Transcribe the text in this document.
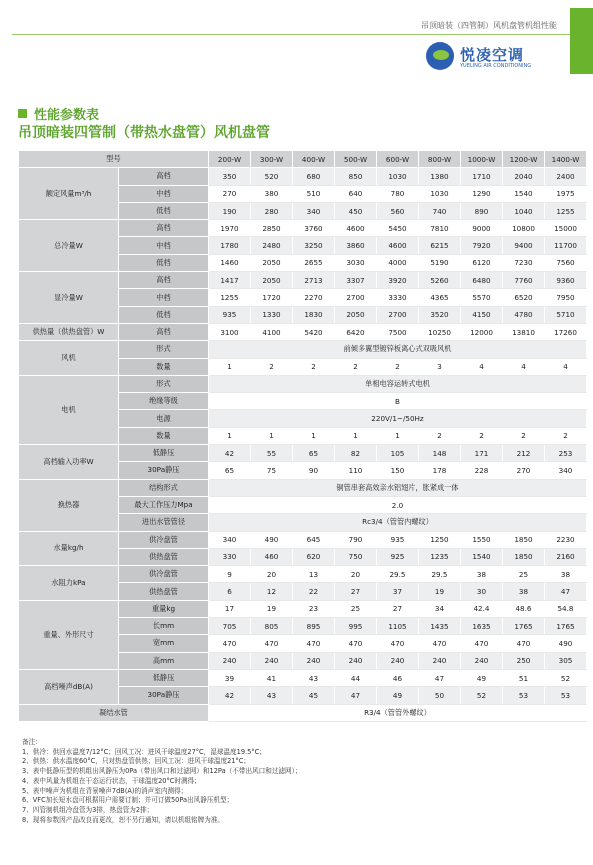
吊顶暗装（四管制）风机盘管机组性能
悦凌空调
YUELING AIR CONDITIONING
性能参数表
吊顶暗装四管制（带热水盘管）风机盘管
型号		200-W	300-W	400-W	500-W	600-W	800-W	1000-W	1200-W	1400-W
额定风量m³/h	高档	350	520	680	850	1030	1380	1710	2040	2400
	中档	270	380	510	640	780	1030	1290	1540	1975
	低档	190	280	340	450	560	740	890	1040	1255
总冷量W	高档	1970	2850	3760	4600	5450	7810	9000	10800	15000
	中档	1780	2480	3250	3860	4600	6215	7920	9400	11700
	低档	1460	2050	2655	3030	4000	5190	6120	7230	7560
显冷量W	高档	1417	2050	2713	3307	3920	5260	6480	7760	9360
	中档	1255	1720	2270	2700	3330	4365	5570	6520	7950
	低档	935	1330	1830	2050	2700	3520	4150	4780	5710
供热量（供热盘管）W	高档	3100	4100	5420	6420	7500	10250	12000	13810	17260
风机	形式	前倾多翼型镀锌板离心式双吸风机								
	数量	1	2	2	2	2	3	4	4	4
电机	形式	单相电容运转式电机								
	绝缘等级	B								
	电源	220V/1~/50Hz								
	数量	1	1	1	1	1	2	2	2	2
高档输入功率W	低静压	42	55	65	82	105	148	171	212	253
	30Pa静压	65	75	90	110	150	178	228	270	340
换热器	结构形式	铜管串套高效亲水铝翅片，胀紧成一体								
	最大工作压力Mpa	2.0								
	进出水管管径	Rc3/4（管管内螺纹）								
水量kg/h	供冷盘管	340	490	645	790	935	1250	1550	1850	2230
	供热盘管	330	460	620	750	925	1235	1540	1850	2160
水阻力kPa	供冷盘管	9	20	13	20	29.5	29.5	38	25	38
	供热盘管	6	12	22	27	37	19	30	38	47
重量、外形尺寸	重量kg	17	19	23	25	27	34	42.4	48.6	54.8
	长mm	705	805	895	995	1105	1435	1635	1765	1765
	宽mm	470	470	470	470	470	470	470	470	490
	高mm	240	240	240	240	240	240	240	250	305
高档噪声dB(A)	低静压	39	41	43	44	46	47	49	51	52
	30Pa静压	42	43	45	47	49	50	52	53	53
凝结水管		R3/4（管管外螺纹）								
备注：
1、供冷：供回水温度7/12°C；回风工况：进风干球温度27°C，湿球温度19.5°C；
2、供热：供水温度60°C，只对热盘管供热；回风工况：进风干球温度21°C；
3、表中低静压型的机组出风静压为0Pa（带出风口和过滤网）和12Pa（不带出风口和过滤网）；
4、表中风量为机组在干态运行状态，干球温度20°C时测得；
5、表中噪声为机组在背景噪声7dB(A)的消声室内测得；
6、VFC加长短水盘可根据用户需要订制；并可订做50Pa出风静压机型；
7、四管制机组冷盘管为3排，热盘管为2排；
8、现将参数因产品改良而更改，恕不另行通知，请以机组铭牌为准。
